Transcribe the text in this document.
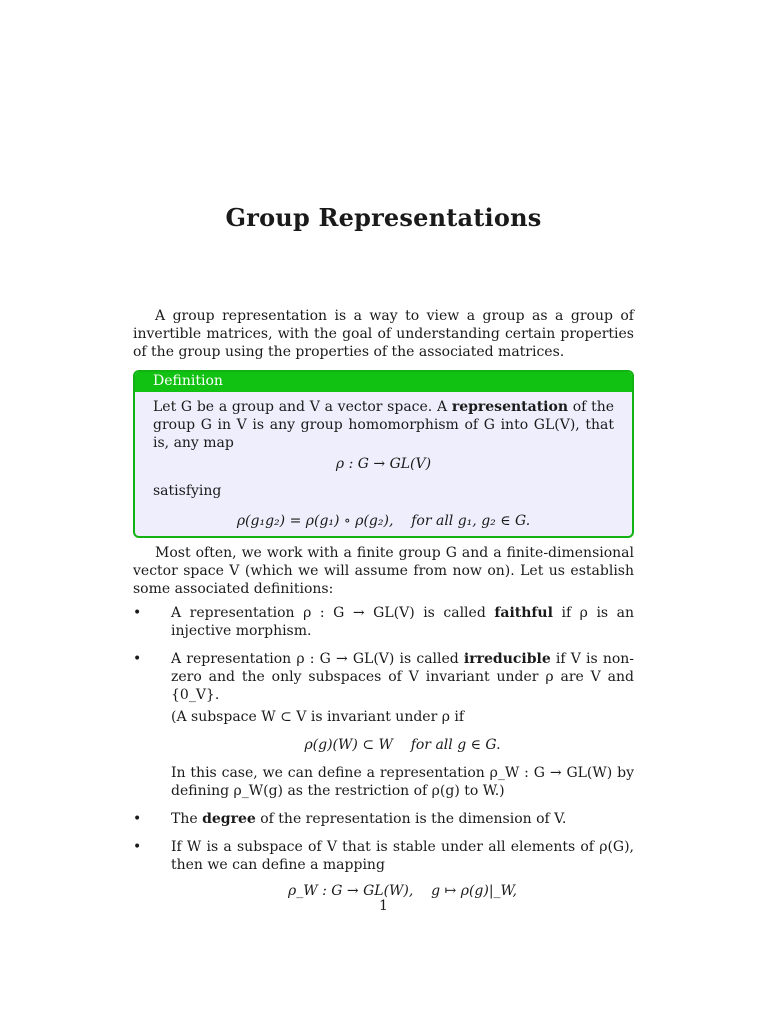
Group Representations

A group representation is a way to view a group as a group of invertible matrices, with the goal of understanding certain properties of the group using the properties of the associated matrices.

Definition

Let G be a group and V a vector space. A representation of the group G in V is any group homomorphism of G into GL(V), that is, any map

ρ : G → GL(V)

satisfying

ρ(g₁g₂) = ρ(g₁) ∘ ρ(g₂),    for all g₁, g₂ ∈ G.

Most often, we work with a finite group G and a finite-dimensional vector space V (which we will assume from now on). Let us establish some associated definitions:

• A representation ρ : G → GL(V) is called faithful if ρ is an injective morphism.

• A representation ρ : G → GL(V) is called irreducible if V is non-zero and the only subspaces of V invariant under ρ are V and {0_V}.

(A subspace W ⊂ V is invariant under ρ if

ρ(g)(W) ⊂ W    for all g ∈ G.

In this case, we can define a representation ρ_W : G → GL(W) by defining ρ_W(g) as the restriction of ρ(g) to W.)

• The degree of the representation is the dimension of V.

• If W is a subspace of V that is stable under all elements of ρ(G), then we can define a mapping

ρ_W : G → GL(W),    g ↦ ρ(g)|_W,
1
